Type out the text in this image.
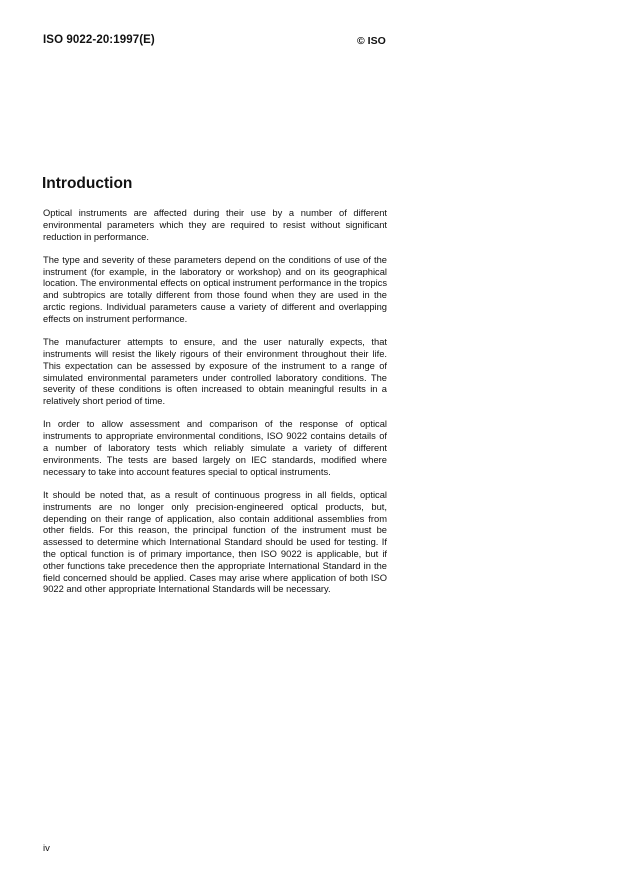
ISO 9022-20:1997(E)	© ISO
Introduction

Optical instruments are affected during their use by a number of different environmental parameters which they are required to resist without significant reduction in performance.

The type and severity of these parameters depend on the conditions of use of the instrument (for example, in the laboratory or workshop) and on its geographical location. The environmental effects on optical instrument performance in the tropics and subtropics are totally different from those found when they are used in the arctic regions. Individual parameters cause a variety of different and overlapping effects on instrument performance.

The manufacturer attempts to ensure, and the user naturally expects, that instruments will resist the likely rigours of their environment throughout their life. This expectation can be assessed by exposure of the instrument to a range of simulated environmental parameters under controlled laboratory conditions. The severity of these conditions is often increased to obtain meaningful results in a relatively short period of time.

In order to allow assessment and comparison of the response of optical instruments to appropriate environmental conditions, ISO 9022 contains details of a number of laboratory tests which reliably simulate a variety of different environments. The tests are based largely on IEC standards, modified where necessary to take into account features special to optical instruments.

It should be noted that, as a result of continuous progress in all fields, optical instruments are no longer only precision-engineered optical products, but, depending on their range of application, also contain additional assemblies from other fields. For this reason, the principal function of the instrument must be assessed to determine which International Standard should be used for testing. If the optical function is of primary importance, then ISO 9022 is applicable, but if other functions take precedence then the appropriate International Standard in the field concerned should be applied. Cases may arise where application of both ISO 9022 and other appropriate International Standards will be necessary.

iv
